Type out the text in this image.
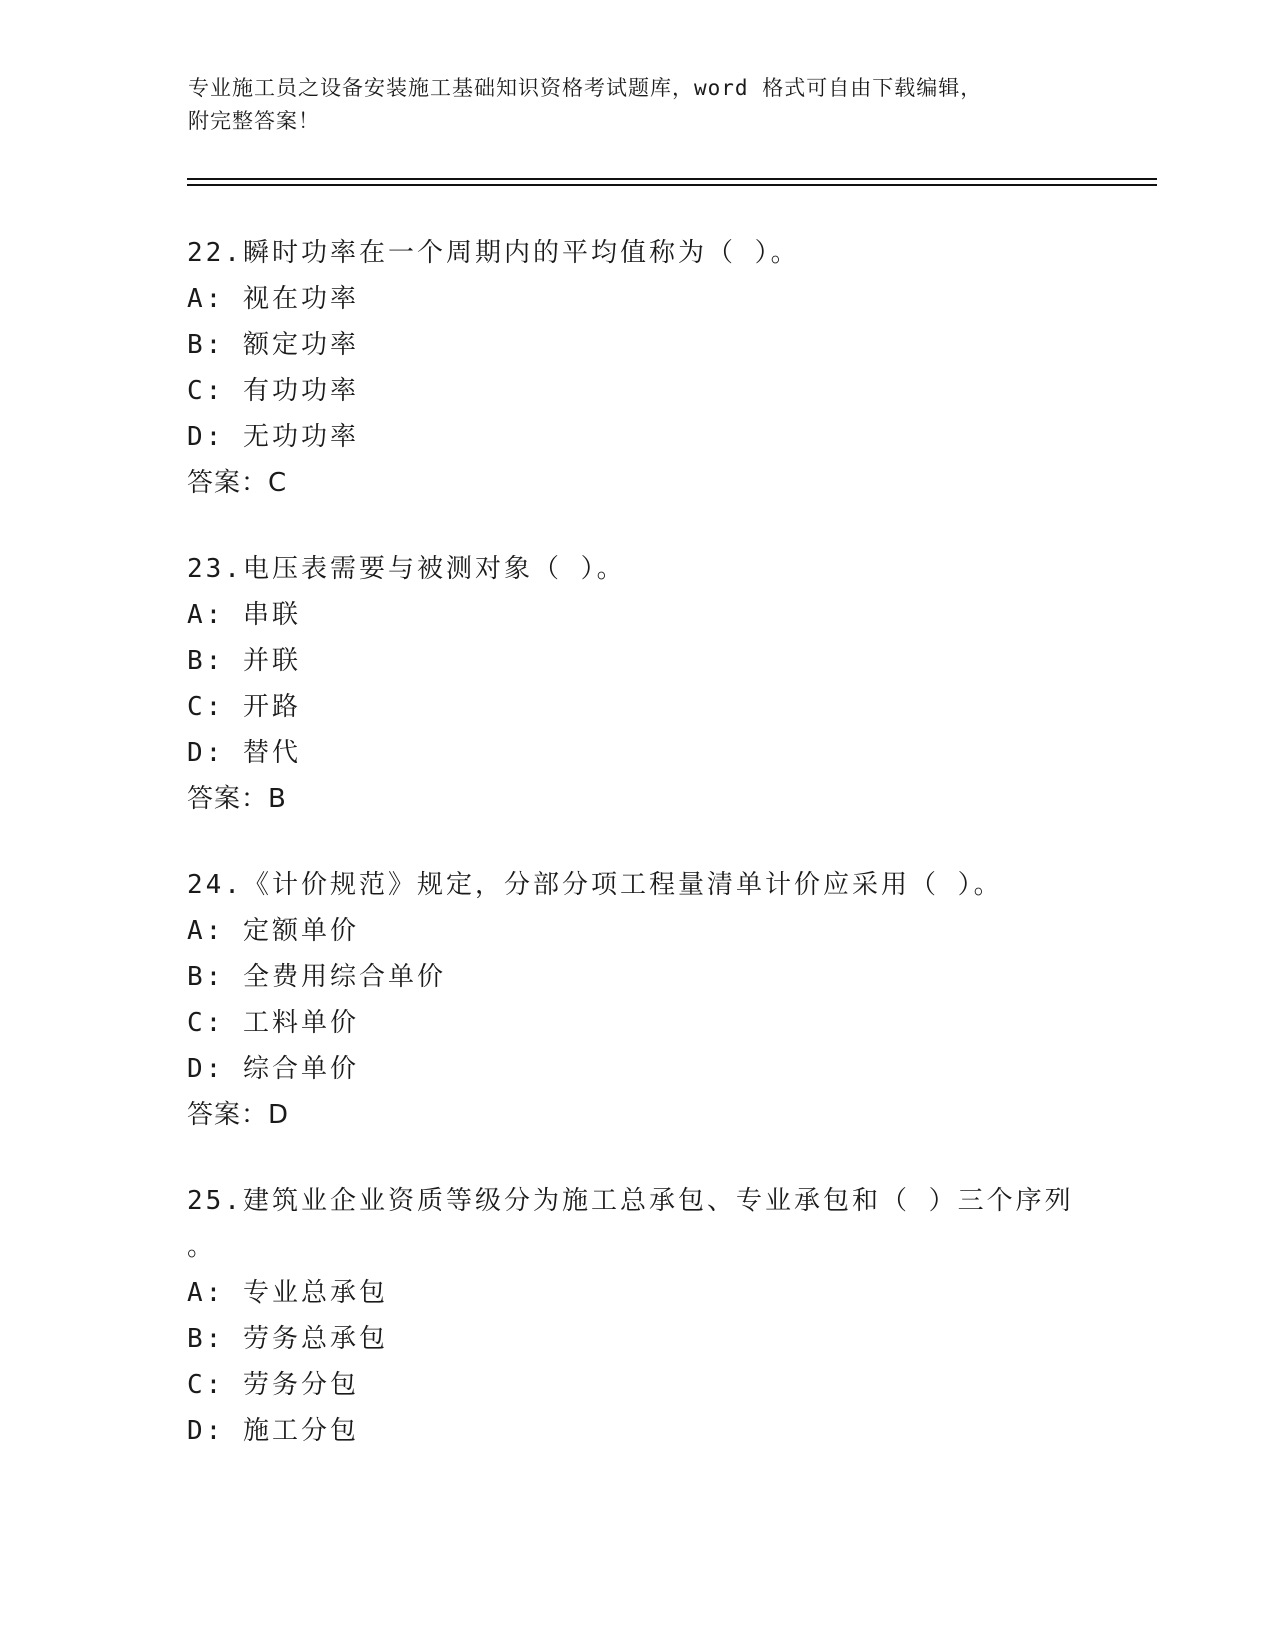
专业施工员之设备安装施工基础知识资格考试题库，word 格式可自由下载编辑，
附完整答案！
22.瞬时功率在一个周期内的平均值称为（ ）。
A: 视在功率
B: 额定功率
C: 有功功率
D: 无功功率
答案：C
23.电压表需要与被测对象（ ）。
A: 串联
B: 并联
C: 开路
D: 替代
答案：B
24.《计价规范》规定，分部分项工程量清单计价应采用（ ）。
A: 定额单价
B: 全费用综合单价
C: 工料单价
D: 综合单价
答案：D
25.建筑业企业资质等级分为施工总承包、专业承包和（ ）三个序列
。
A: 专业总承包
B: 劳务总承包
C: 劳务分包
D: 施工分包
